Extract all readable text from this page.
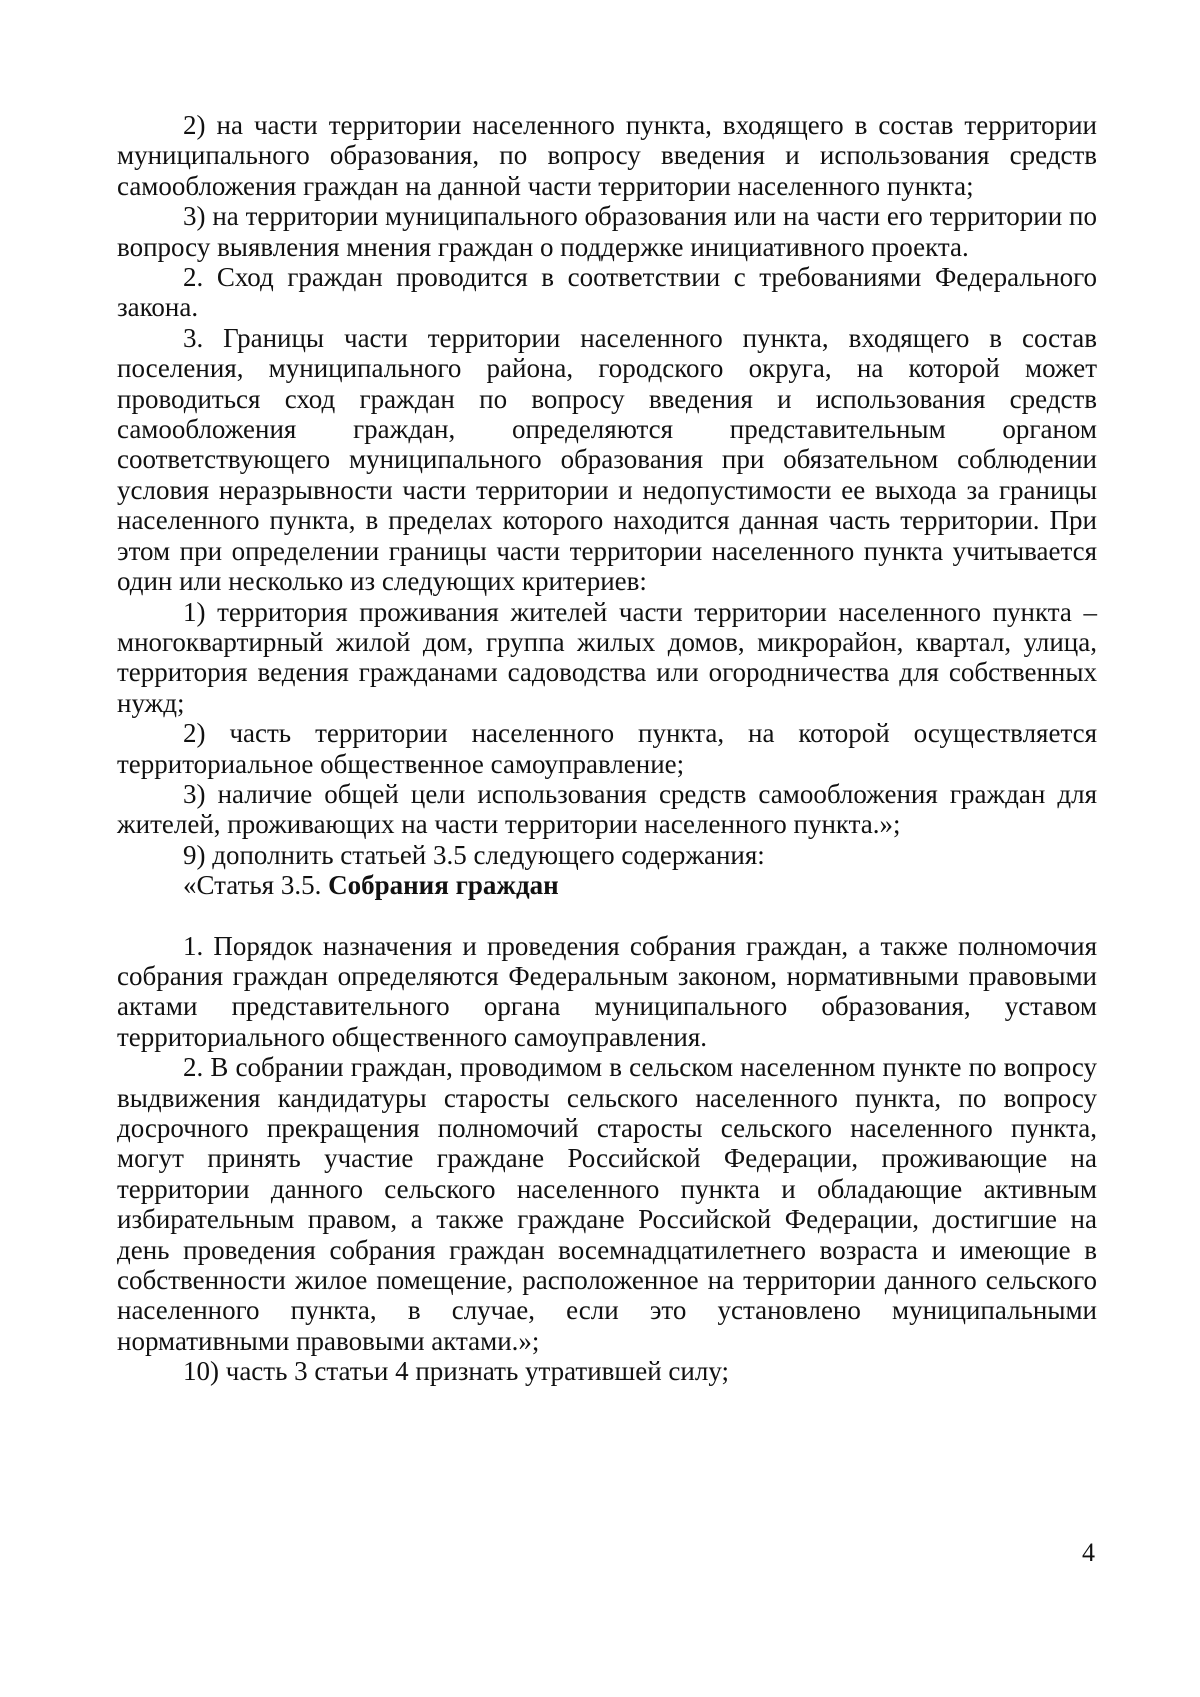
2) на части территории населенного пункта, входящего в состав территории муниципального образования, по вопросу введения и использования средств самообложения граждан на данной части территории населенного пункта;

3) на территории муниципального образования или на части его территории по вопросу выявления мнения граждан о поддержке инициативного проекта.

2. Сход граждан проводится в соответствии с требованиями Федерального закона.

3. Границы части территории населенного пункта, входящего в состав поселения, муниципального района, городского округа, на которой может проводиться сход граждан по вопросу введения и использования средств самообложения граждан, определяются представительным органом соответствующего муниципального образования при обязательном соблюдении условия неразрывности части территории и недопустимости ее выхода за границы населенного пункта, в пределах которого находится данная часть территории. При этом при определении границы части территории населенного пункта учитывается один или несколько из следующих критериев:

1) территория проживания жителей части территории населенного пункта – многоквартирный жилой дом, группа жилых домов, микрорайон, квартал, улица, территория ведения гражданами садоводства или огородничества для собственных нужд;

2) часть территории населенного пункта, на которой осуществляется территориальное общественное самоуправление;

3) наличие общей цели использования средств самообложения граждан для жителей, проживающих на части территории населенного пункта.»;

9) дополнить статьей 3.5 следующего содержания:

«Статья 3.5. Собрания граждан

1. Порядок назначения и проведения собрания граждан, а также полномочия собрания граждан определяются Федеральным законом, нормативными правовыми актами представительного органа муниципального образования, уставом территориального общественного самоуправления.

2. В собрании граждан, проводимом в сельском населенном пункте по вопросу выдвижения кандидатуры старосты сельского населенного пункта, по вопросу досрочного прекращения полномочий старосты сельского населенного пункта, могут принять участие граждане Российской Федерации, проживающие на территории данного сельского населенного пункта и обладающие активным избирательным правом, а также граждане Российской Федерации, достигшие на день проведения собрания граждан восемнадцатилетнего возраста и имеющие в собственности жилое помещение, расположенное на территории данного сельского населенного пункта, в случае, если это установлено муниципальными нормативными правовыми актами.»;

10) часть 3 статьи 4 признать утратившей силу;

4
